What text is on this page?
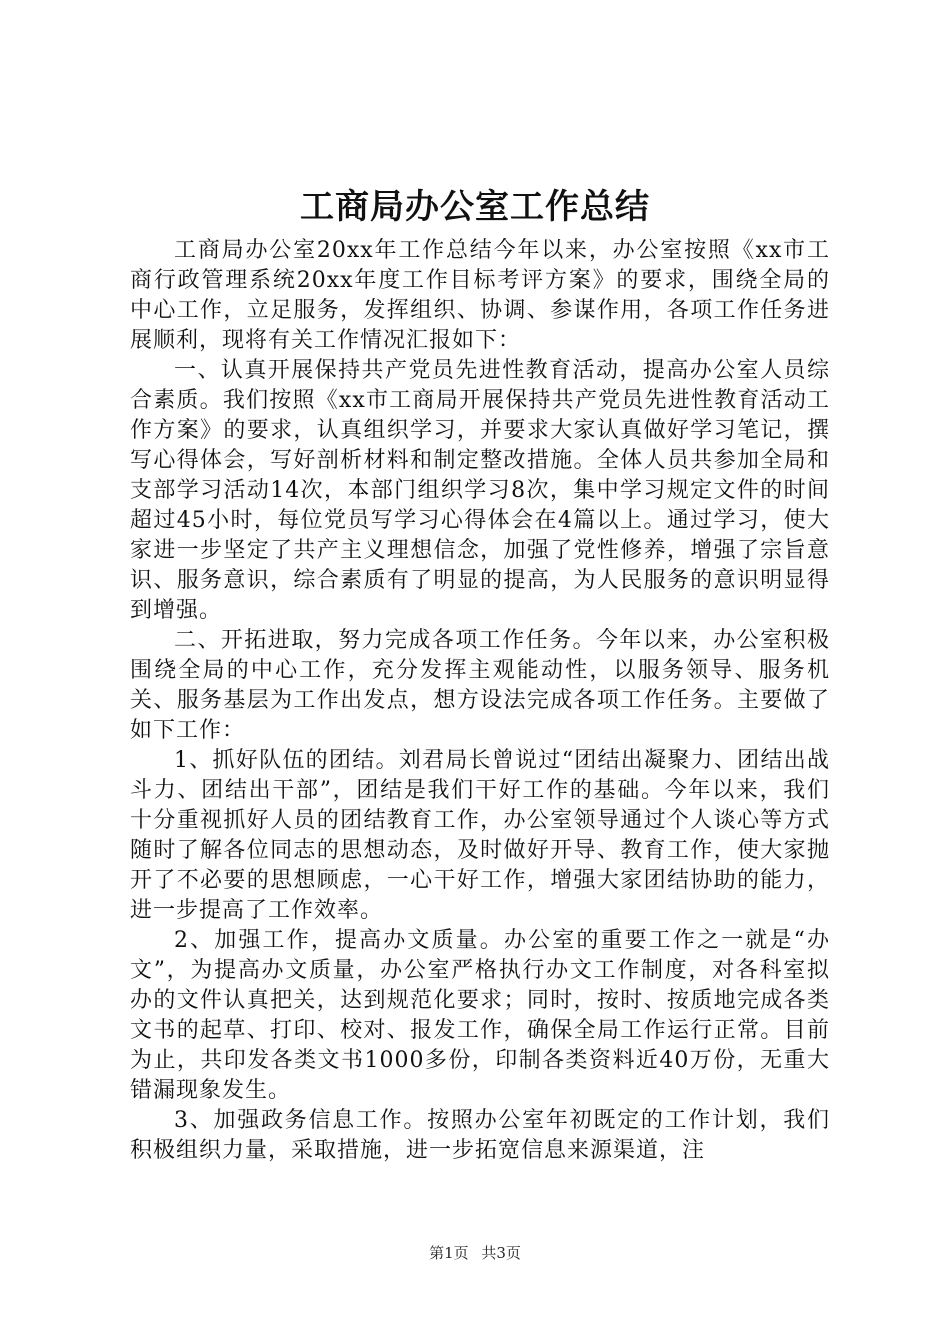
工商局办公室工作总结

工商局办公室20xx年工作总结今年以来，办公室按照《xx市工商行政管理系统20xx年度工作目标考评方案》的要求，围绕全局的中心工作，立足服务，发挥组织、协调、参谋作用，各项工作任务进展顺利，现将有关工作情况汇报如下：

一、认真开展保持共产党员先进性教育活动，提高办公室人员综合素质。我们按照《xx市工商局开展保持共产党员先进性教育活动工作方案》的要求，认真组织学习，并要求大家认真做好学习笔记，撰写心得体会，写好剖析材料和制定整改措施。全体人员共参加全局和支部学习活动14次，本部门组织学习8次，集中学习规定文件的时间超过45小时，每位党员写学习心得体会在4篇以上。通过学习，使大家进一步坚定了共产主义理想信念，加强了党性修养，增强了宗旨意识、服务意识，综合素质有了明显的提高，为人民服务的意识明显得到增强。

二、开拓进取，努力完成各项工作任务。今年以来，办公室积极围绕全局的中心工作，充分发挥主观能动性，以服务领导、服务机关、服务基层为工作出发点，想方设法完成各项工作任务。主要做了如下工作：

1、抓好队伍的团结。刘君局长曾说过“团结出凝聚力、团结出战斗力、团结出干部”，团结是我们干好工作的基础。今年以来，我们十分重视抓好人员的团结教育工作，办公室领导通过个人谈心等方式随时了解各位同志的思想动态，及时做好开导、教育工作，使大家抛开了不必要的思想顾虑，一心干好工作，增强大家团结协助的能力，进一步提高了工作效率。

2、加强工作，提高办文质量。办公室的重要工作之一就是“办文”，为提高办文质量，办公室严格执行办文工作制度，对各科室拟办的文件认真把关，达到规范化要求；同时，按时、按质地完成各类文书的起草、打印、校对、报发工作，确保全局工作运行正常。目前为止，共印发各类文书1000多份，印制各类资料近40万份，无重大错漏现象发生。

3、加强政务信息工作。按照办公室年初既定的工作计划，我们积极组织力量，采取措施，进一步拓宽信息来源渠道，注

第1页 共3页
